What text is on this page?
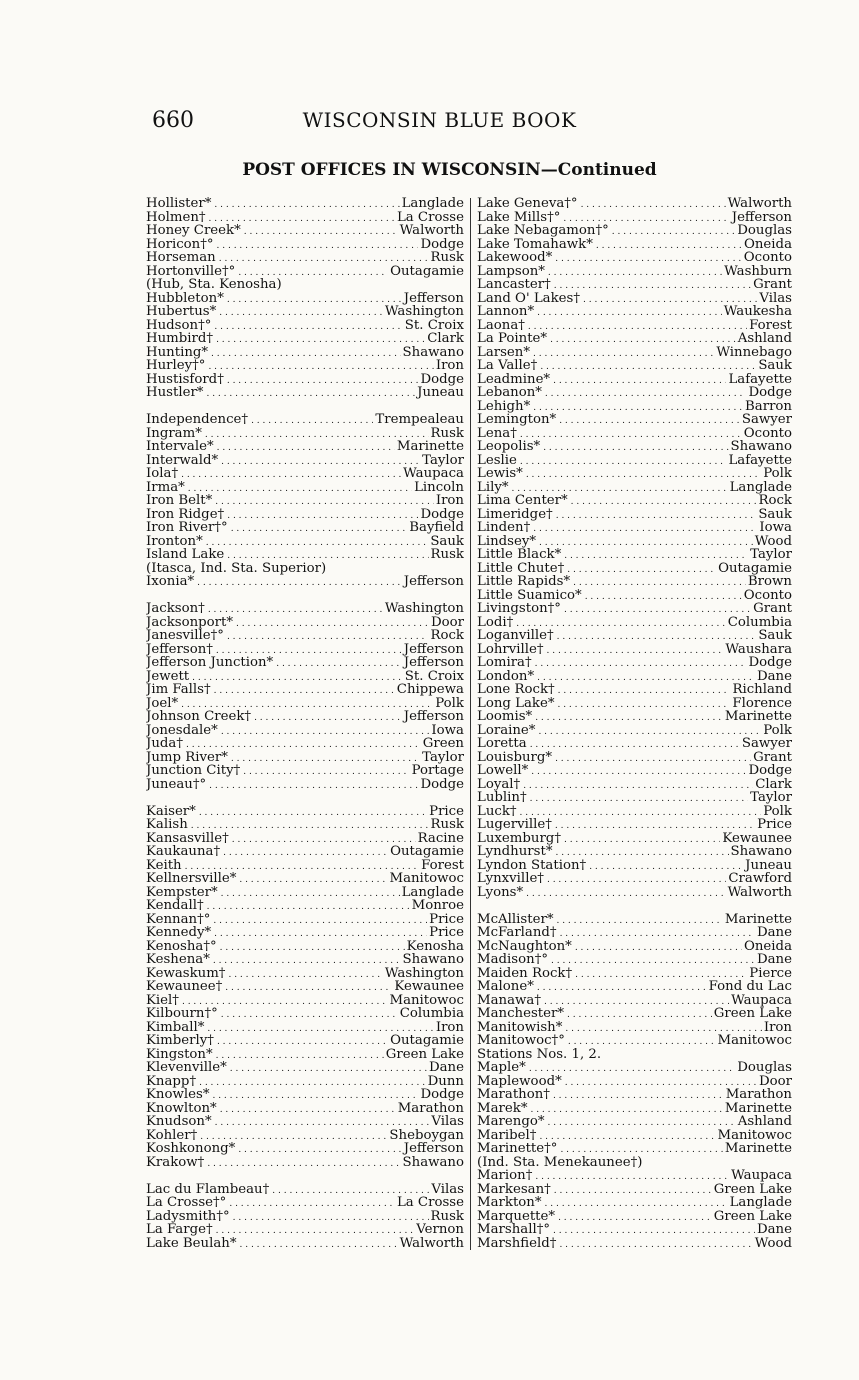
660	WISCONSIN BLUE BOOK
POST OFFICES IN WISCONSIN—Continued
Hollister* . . .	Langlade
Holmen† . . .	La Crosse
Honey Creek* . . .	Walworth
Horicon†° . . .	Dodge
Horseman . . .	Rusk
Hortonville†° . . .	Outagamie
(Hub, Sta. Kenosha)
Hubbleton* . . .	Jefferson
Hubertus* . . .	Washington
Hudson†° . . .	St. Croix
Humbird† . . .	Clark
Hunting* . . .	Shawano
Hurley†° . . .	Iron
Hustisford† . . .	Dodge
Hustler* . . .	Juneau
Independence† . . .	Trempealeau
Ingram* . . .	Rusk
Intervale* . . .	Marinette
Interwald* . . .	Taylor
Iola† . . .	Waupaca
Irma* . . .	Lincoln
Iron Belt* . . .	Iron
Iron Ridge† . . .	Dodge
Iron River†° . . .	Bayfield
Ironton* . . .	Sauk
Island Lake . . .	Rusk
(Itasca, Ind. Sta. Superior)
Ixonia* . . .	Jefferson
Jackson† . . .	Washington
Jacksonport* . . .	Door
Janesville†° . . .	Rock
Jefferson† . . .	Jefferson
Jefferson Junction* . . .	Jefferson
Jewett . . .	St. Croix
Jim Falls† . . .	Chippewa
Joel* . . .	Polk
Johnson Creek† . . .	Jefferson
Jonesdale* . . .	Iowa
Juda† . . .	Green
Jump River* . . .	Taylor
Junction City† . . .	Portage
Juneau†° . . .	Dodge
Kaiser* . . .	Price
Kalish . . .	Rusk
Kansasville† . . .	Racine
Kaukauna† . . .	Outagamie
Keith . . .	Forest
Kellnersville* . . .	Manitowoc
Kempster* . . .	Langlade
Kendall† . . .	Monroe
Kennan†° . . .	Price
Kennedy* . . .	Price
Kenosha†° . . .	Kenosha
Keshena* . . .	Shawano
Kewaskum† . . .	Washington
Kewaunee† . . .	Kewaunee
Kiel† . . .	Manitowoc
Kilbourn†° . . .	Columbia
Kimball* . . .	Iron
Kimberly† . . .	Outagamie
Kingston* . . .	Green Lake
Klevenville* . . .	Dane
Knapp† . . .	Dunn
Knowles* . . .	Dodge
Knowlton* . . .	Marathon
Knudson* . . .	Vilas
Kohler† . . .	Sheboygan
Koshkonong* . . .	Jefferson
Krakow† . . .	Shawano
Lac du Flambeau† . . .	Vilas
La Crosse†° . . .	La Crosse
Ladysmith†° . . .	Rusk
La Farge† . . .	Vernon
Lake Beulah* . . .	Walworth
Lake Geneva†° . . .	Walworth
Lake Mills†° . . .	Jefferson
Lake Nebagamon†° . . .	Douglas
Lake Tomahawk* . . .	Oneida
Lakewood* . . .	Oconto
Lampson* . . .	Washburn
Lancaster† . . .	Grant
Land O' Lakes† . . .	Vilas
Lannon* . . .	Waukesha
Laona† . . .	Forest
La Pointe* . . .	Ashland
Larsen* . . .	Winnebago
La Valle† . . .	Sauk
Leadmine* . . .	Lafayette
Lebanon* . . .	Dodge
Lehigh* . . .	Barron
Lemington* . . .	Sawyer
Lena† . . .	Oconto
Leopolis* . . .	Shawano
Leslie . . .	Lafayette
Lewis* . . .	Polk
Lily* . . .	Langlade
Lima Center* . . .	Rock
Limeridge† . . .	Sauk
Linden† . . .	Iowa
Lindsey* . . .	Wood
Little Black* . . .	Taylor
Little Chute† . . .	Outagamie
Little Rapids* . . .	Brown
Little Suamico* . . .	Oconto
Livingston†° . . .	Grant
Lodi† . . .	Columbia
Loganville† . . .	Sauk
Lohrville† . . .	Waushara
Lomira† . . .	Dodge
London* . . .	Dane
Lone Rock† . . .	Richland
Long Lake* . . .	Florence
Loomis* . . .	Marinette
Loraine* . . .	Polk
Loretta . . .	Sawyer
Louisburg* . . .	Grant
Lowell* . . .	Dodge
Loyal† . . .	Clark
Lublin† . . .	Taylor
Luck† . . .	Polk
Lugerville† . . .	Price
Luxemburg† . . .	Kewaunee
Lyndhurst* . . .	Shawano
Lyndon Station† . . .	Juneau
Lynxville† . . .	Crawford
Lyons* . . .	Walworth
McAllister* . . .	Marinette
McFarland† . . .	Dane
McNaughton* . . .	Oneida
Madison†° . . .	Dane
Maiden Rock† . . .	Pierce
Malone* . . .	Fond du Lac
Manawa† . . .	Waupaca
Manchester* . . .	Green Lake
Manitowish* . . .	Iron
Manitowoc†° . . .	Manitowoc
Stations Nos. 1, 2.
Maple* . . .	Douglas
Maplewood* . . .	Door
Marathon† . . .	Marathon
Marek* . . .	Marinette
Marengo* . . .	Ashland
Maribel† . . .	Manitowoc
Marinette†° . . .	Marinette
(Ind. Sta. Menekaunee†)
Marion† . . .	Waupaca
Markesan† . . .	Green Lake
Markton* . . .	Langlade
Marquette* . . .	Green Lake
Marshall†° . . .	Dane
Marshfield† . . .	Wood
